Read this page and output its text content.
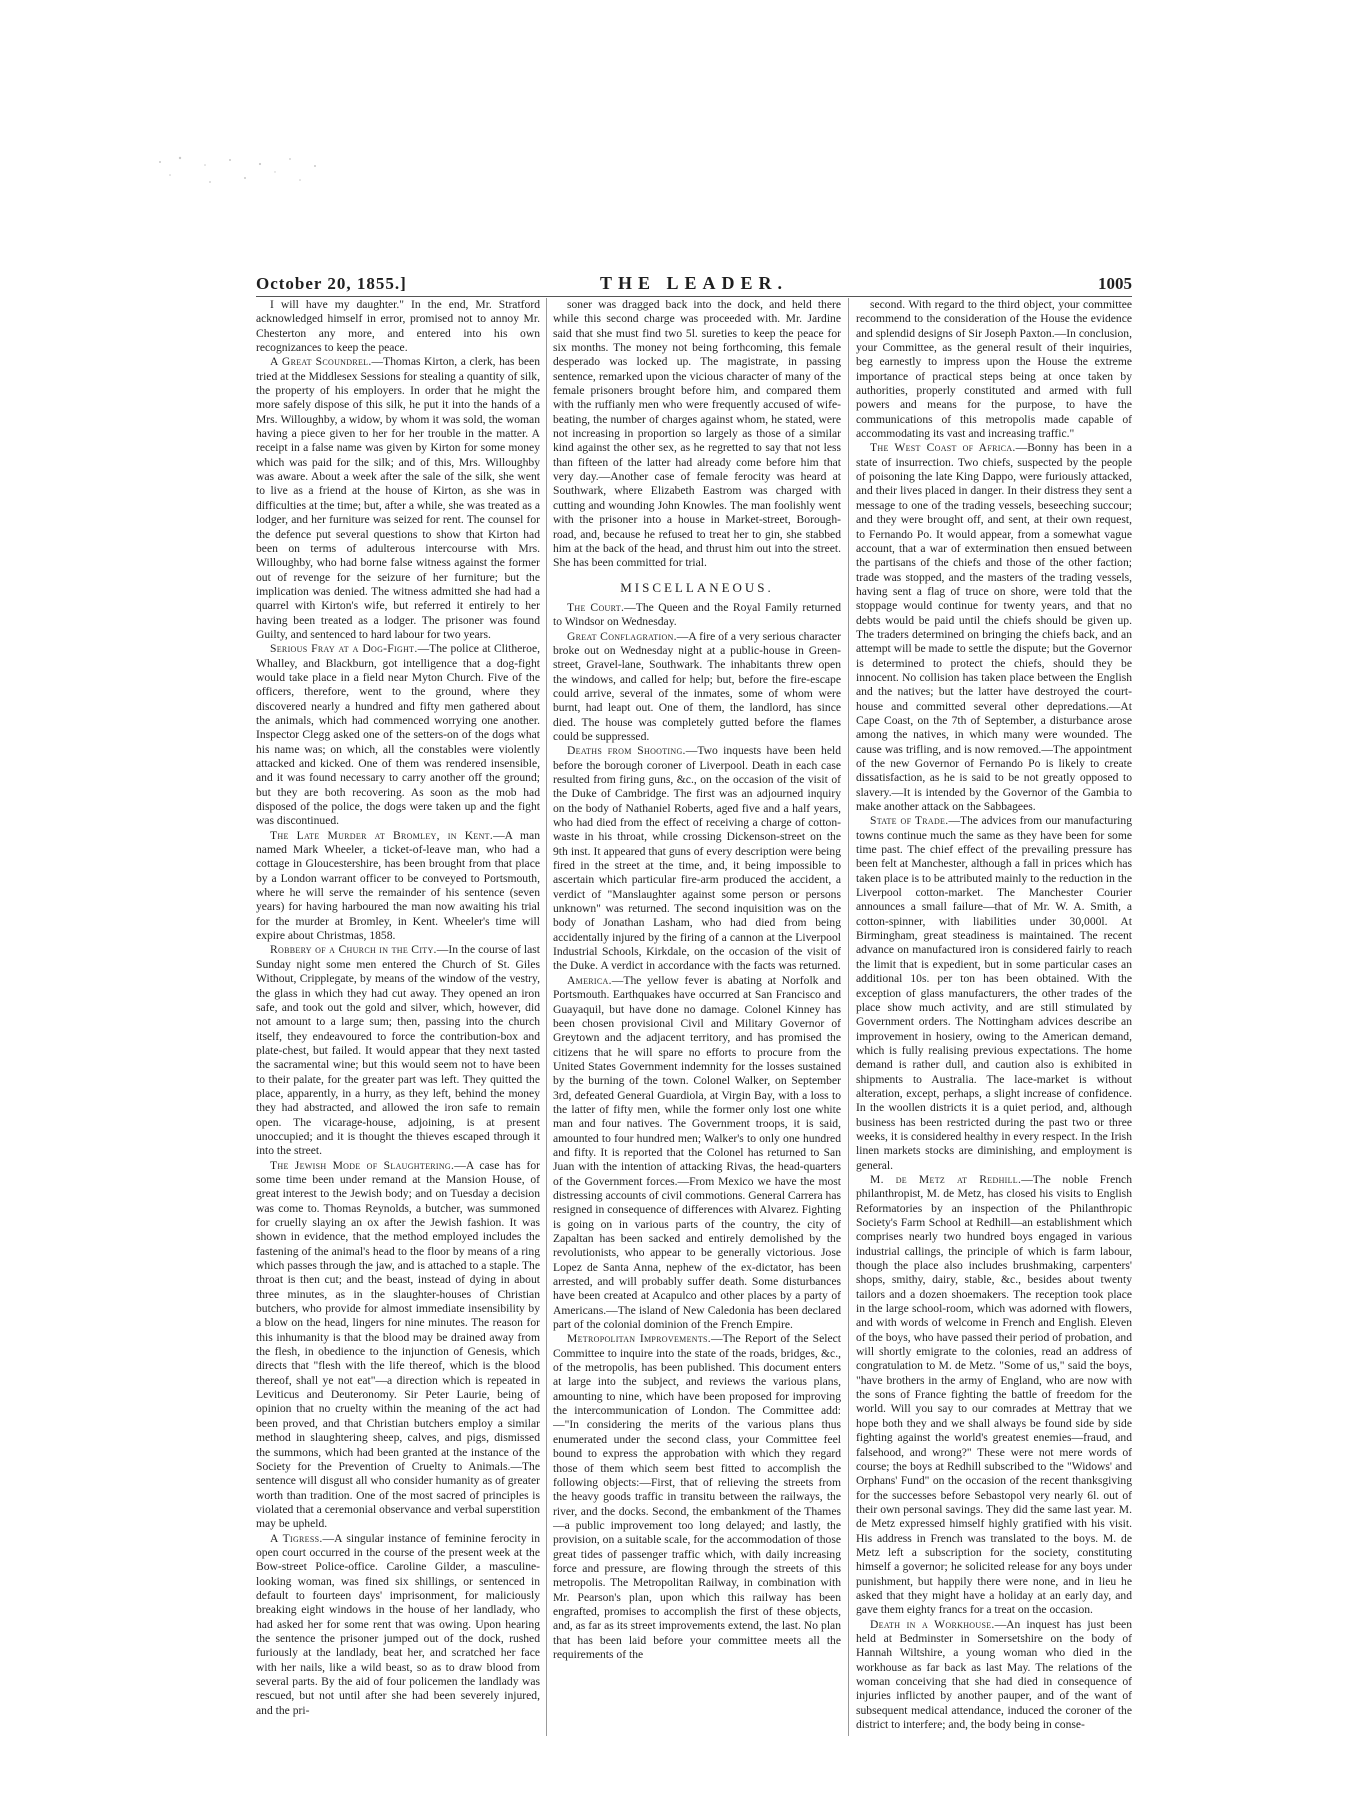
October 20, 1855.]	THE LEADER.	1005

I will have my daughter." In the end, Mr. Stratford acknowledged himself in error, promised not to annoy Mr. Chesterton any more, and entered into his own recognizances to keep the peace.

A Great Scoundrel.—Thomas Kirton, a clerk, has been tried at the Middlesex Sessions for stealing a quantity of silk, the property of his employers. In order that he might the more safely dispose of this silk, he put it into the hands of a Mrs. Willoughby, a widow, by whom it was sold, the woman having a piece given to her for her trouble in the matter. A receipt in a false name was given by Kirton for some money which was paid for the silk; and of this, Mrs. Willoughby was aware. About a week after the sale of the silk, she went to live as a friend at the house of Kirton, as she was in difficulties at the time; but, after a while, she was treated as a lodger, and her furniture was seized for rent. The counsel for the defence put several questions to show that Kirton had been on terms of adulterous intercourse with Mrs. Willoughby, who had borne false witness against the former out of revenge for the seizure of her furniture; but the implication was denied. The witness admitted she had had a quarrel with Kirton's wife, but referred it entirely to her having been treated as a lodger. The prisoner was found Guilty, and sentenced to hard labour for two years.

Serious Fray at a Dog-Fight.—The police at Clitheroe, Whalley, and Blackburn, got intelligence that a dog-fight would take place in a field near Myton Church. Five of the officers, therefore, went to the ground, where they discovered nearly a hundred and fifty men gathered about the animals, which had commenced worrying one another. Inspector Clegg asked one of the setters-on of the dogs what his name was; on which, all the constables were violently attacked and kicked. One of them was rendered insensible, and it was found necessary to carry another off the ground; but they are both recovering. As soon as the mob had disposed of the police, the dogs were taken up and the fight was discontinued.

The Late Murder at Bromley, in Kent.—A man named Mark Wheeler, a ticket-of-leave man, who had a cottage in Gloucestershire, has been brought from that place by a London warrant officer to be conveyed to Portsmouth, where he will serve the remainder of his sentence (seven years) for having harboured the man now awaiting his trial for the murder at Bromley, in Kent. Wheeler's time will expire about Christmas, 1858.

Robbery of a Church in the City.—In the course of last Sunday night some men entered the Church of St. Giles Without, Cripplegate, by means of the window of the vestry, the glass in which they had cut away. They opened an iron safe, and took out the gold and silver, which, however, did not amount to a large sum; then, passing into the church itself, they endeavoured to force the contribution-box and plate-chest, but failed. It would appear that they next tasted the sacramental wine; but this would seem not to have been to their palate, for the greater part was left. They quitted the place, apparently, in a hurry, as they left, behind the money they had abstracted, and allowed the iron safe to remain open. The vicarage-house, adjoining, is at present unoccupied; and it is thought the thieves escaped through it into the street.

The Jewish Mode of Slaughtering.—A case has for some time been under remand at the Mansion House, of great interest to the Jewish body; and on Tuesday a decision was come to. Thomas Reynolds, a butcher, was summoned for cruelly slaying an ox after the Jewish fashion. It was shown in evidence, that the method employed includes the fastening of the animal's head to the floor by means of a ring which passes through the jaw, and is attached to a staple. The throat is then cut; and the beast, instead of dying in about three minutes, as in the slaughter-houses of Christian butchers, who provide for almost immediate insensibility by a blow on the head, lingers for nine minutes. The reason for this inhumanity is that the blood may be drained away from the flesh, in obedience to the injunction of Genesis, which directs that "flesh with the life thereof, which is the blood thereof, shall ye not eat"—a direction which is repeated in Leviticus and Deuteronomy. Sir Peter Laurie, being of opinion that no cruelty within the meaning of the act had been proved, and that Christian butchers employ a similar method in slaughtering sheep, calves, and pigs, dismissed the summons, which had been granted at the instance of the Society for the Prevention of Cruelty to Animals.—The sentence will disgust all who consider humanity as of greater worth than tradition. One of the most sacred of principles is violated that a ceremonial observance and verbal superstition may be upheld.

A Tigress.—A singular instance of feminine ferocity in open court occurred in the course of the present week at the Bow-street Police-office. Caroline Gilder, a masculine-looking woman, was fined six shillings, or sentenced in default to fourteen days' imprisonment, for maliciously breaking eight windows in the house of her landlady, who had asked her for some rent that was owing. Upon hearing the sentence the prisoner jumped out of the dock, rushed furiously at the landlady, beat her, and scratched her face with her nails, like a wild beast, so as to draw blood from several parts. By the aid of four policemen the landlady was rescued, but not until after she had been severely injured, and the pri-

soner was dragged back into the dock, and held there while this second charge was proceeded with. Mr. Jardine said that she must find two 5l. sureties to keep the peace for six months. The money not being forthcoming, this female desperado was locked up. The magistrate, in passing sentence, remarked upon the vicious character of many of the female prisoners brought before him, and compared them with the ruffianly men who were frequently accused of wife-beating, the number of charges against whom, he stated, were not increasing in proportion so largely as those of a similar kind against the other sex, as he regretted to say that not less than fifteen of the latter had already come before him that very day.—Another case of female ferocity was heard at Southwark, where Elizabeth Eastrom was charged with cutting and wounding John Knowles. The man foolishly went with the prisoner into a house in Market-street, Borough-road, and, because he refused to treat her to gin, she stabbed him at the back of the head, and thrust him out into the street. She has been committed for trial.

MISCELLANEOUS.

The Court.—The Queen and the Royal Family returned to Windsor on Wednesday.

Great Conflagration.—A fire of a very serious character broke out on Wednesday night at a public-house in Green-street, Gravel-lane, Southwark. The inhabitants threw open the windows, and called for help; but, before the fire-escape could arrive, several of the inmates, some of whom were burnt, had leapt out. One of them, the landlord, has since died. The house was completely gutted before the flames could be suppressed.

Deaths from Shooting.—Two inquests have been held before the borough coroner of Liverpool. Death in each case resulted from firing guns, &c., on the occasion of the visit of the Duke of Cambridge. The first was an adjourned inquiry on the body of Nathaniel Roberts, aged five and a half years, who had died from the effect of receiving a charge of cotton-waste in his throat, while crossing Dickenson-street on the 9th inst. It appeared that guns of every description were being fired in the street at the time, and, it being impossible to ascertain which particular fire-arm produced the accident, a verdict of "Manslaughter against some person or persons unknown" was returned. The second inquisition was on the body of Jonathan Lasham, who had died from being accidentally injured by the firing of a cannon at the Liverpool Industrial Schools, Kirkdale, on the occasion of the visit of the Duke. A verdict in accordance with the facts was returned.

America.—The yellow fever is abating at Norfolk and Portsmouth. Earthquakes have occurred at San Francisco and Guayaquil, but have done no damage. Colonel Kinney has been chosen provisional Civil and Military Governor of Greytown and the adjacent territory, and has promised the citizens that he will spare no efforts to procure from the United States Government indemnity for the losses sustained by the burning of the town. Colonel Walker, on September 3rd, defeated General Guardiola, at Virgin Bay, with a loss to the latter of fifty men, while the former only lost one white man and four natives. The Government troops, it is said, amounted to four hundred men; Walker's to only one hundred and fifty. It is reported that the Colonel has returned to San Juan with the intention of attacking Rivas, the head-quarters of the Government forces.—From Mexico we have the most distressing accounts of civil commotions. General Carrera has resigned in consequence of differences with Alvarez. Fighting is going on in various parts of the country, the city of Zapaltan has been sacked and entirely demolished by the revolutionists, who appear to be generally victorious. Jose Lopez de Santa Anna, nephew of the ex-dictator, has been arrested, and will probably suffer death. Some disturbances have been created at Acapulco and other places by a party of Americans.—The island of New Caledonia has been declared part of the colonial dominion of the French Empire.

Metropolitan Improvements.—The Report of the Select Committee to inquire into the state of the roads, bridges, &c., of the metropolis, has been published. This document enters at large into the subject, and reviews the various plans, amounting to nine, which have been proposed for improving the intercommunication of London. The Committee add:—"In considering the merits of the various plans thus enumerated under the second class, your Committee feel bound to express the approbation with which they regard those of them which seem best fitted to accomplish the following objects:—First, that of relieving the streets from the heavy goods traffic in transitu between the railways, the river, and the docks. Second, the embankment of the Thames—a public improvement too long delayed; and lastly, the provision, on a suitable scale, for the accommodation of those great tides of passenger traffic which, with daily increasing force and pressure, are flowing through the streets of this metropolis. The Metropolitan Railway, in combination with Mr. Pearson's plan, upon which this railway has been engrafted, promises to accomplish the first of these objects, and, as far as its street improvements extend, the last. No plan that has been laid before your committee meets all the requirements of the

second. With regard to the third object, your committee recommend to the consideration of the House the evidence and splendid designs of Sir Joseph Paxton.—In conclusion, your Committee, as the general result of their inquiries, beg earnestly to impress upon the House the extreme importance of practical steps being at once taken by authorities, properly constituted and armed with full powers and means for the purpose, to have the communications of this metropolis made capable of accommodating its vast and increasing traffic."

The West Coast of Africa.—Bonny has been in a state of insurrection. Two chiefs, suspected by the people of poisoning the late King Dappo, were furiously attacked, and their lives placed in danger. In their distress they sent a message to one of the trading vessels, beseeching succour; and they were brought off, and sent, at their own request, to Fernando Po. It would appear, from a somewhat vague account, that a war of extermination then ensued between the partisans of the chiefs and those of the other faction; trade was stopped, and the masters of the trading vessels, having sent a flag of truce on shore, were told that the stoppage would continue for twenty years, and that no debts would be paid until the chiefs should be given up. The traders determined on bringing the chiefs back, and an attempt will be made to settle the dispute; but the Governor is determined to protect the chiefs, should they be innocent. No collision has taken place between the English and the natives; but the latter have destroyed the court-house and committed several other depredations.—At Cape Coast, on the 7th of September, a disturbance arose among the natives, in which many were wounded. The cause was trifling, and is now removed.—The appointment of the new Governor of Fernando Po is likely to create dissatisfaction, as he is said to be not greatly opposed to slavery.—It is intended by the Governor of the Gambia to make another attack on the Sabbagees.

State of Trade.—The advices from our manufacturing towns continue much the same as they have been for some time past. The chief effect of the prevailing pressure has been felt at Manchester, although a fall in prices which has taken place is to be attributed mainly to the reduction in the Liverpool cotton-market. The Manchester Courier announces a small failure—that of Mr. W. A. Smith, a cotton-spinner, with liabilities under 30,000l. At Birmingham, great steadiness is maintained. The recent advance on manufactured iron is considered fairly to reach the limit that is expedient, but in some particular cases an additional 10s. per ton has been obtained. With the exception of glass manufacturers, the other trades of the place show much activity, and are still stimulated by Government orders. The Nottingham advices describe an improvement in hosiery, owing to the American demand, which is fully realising previous expectations. The home demand is rather dull, and caution also is exhibited in shipments to Australia. The lace-market is without alteration, except, perhaps, a slight increase of confidence. In the woollen districts it is a quiet period, and, although business has been restricted during the past two or three weeks, it is considered healthy in every respect. In the Irish linen markets stocks are diminishing, and employment is general.

M. de Metz at Redhill.—The noble French philanthropist, M. de Metz, has closed his visits to English Reformatories by an inspection of the Philanthropic Society's Farm School at Redhill—an establishment which comprises nearly two hundred boys engaged in various industrial callings, the principle of which is farm labour, though the place also includes brushmaking, carpenters' shops, smithy, dairy, stable, &c., besides about twenty tailors and a dozen shoemakers. The reception took place in the large school-room, which was adorned with flowers, and with words of welcome in French and English. Eleven of the boys, who have passed their period of probation, and will shortly emigrate to the colonies, read an address of congratulation to M. de Metz. "Some of us," said the boys, "have brothers in the army of England, who are now with the sons of France fighting the battle of freedom for the world. Will you say to our comrades at Mettray that we hope both they and we shall always be found side by side fighting against the world's greatest enemies—fraud, and falsehood, and wrong?" These were not mere words of course; the boys at Redhill subscribed to the "Widows' and Orphans' Fund" on the occasion of the recent thanksgiving for the successes before Sebastopol very nearly 6l. out of their own personal savings. They did the same last year. M. de Metz expressed himself highly gratified with his visit. His address in French was translated to the boys. M. de Metz left a subscription for the society, constituting himself a governor; he solicited release for any boys under punishment, but happily there were none, and in lieu he asked that they might have a holiday at an early day, and gave them eighty francs for a treat on the occasion.

Death in a Workhouse.—An inquest has just been held at Bedminster in Somersetshire on the body of Hannah Wiltshire, a young woman who died in the workhouse as far back as last May. The relations of the woman conceiving that she had died in consequence of injuries inflicted by another pauper, and of the want of subsequent medical attendance, induced the coroner of the district to interfere; and, the body being in conse-
